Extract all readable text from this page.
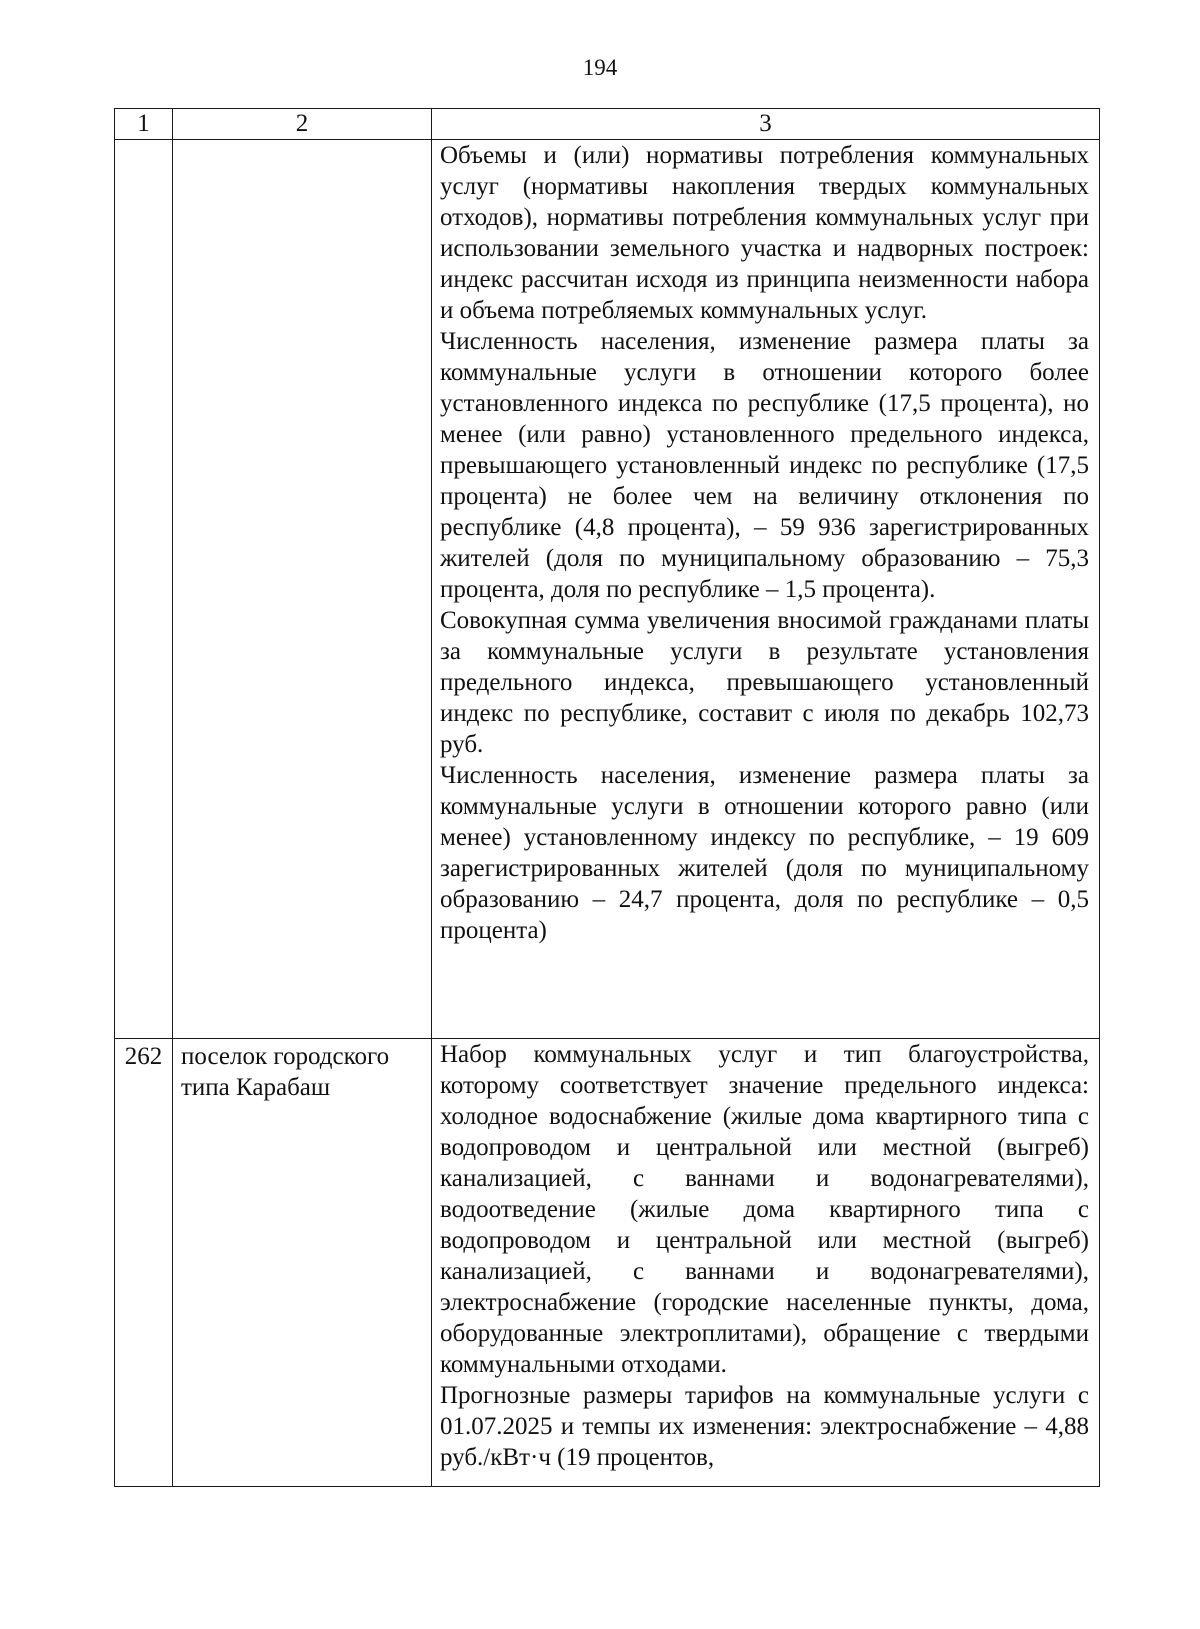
194
1	2	3

		Объемы и (или) нормативы потребления коммунальных услуг (нормативы накопления твердых коммунальных отходов), нормативы потребления коммунальных услуг при использовании земельного участка и надворных построек: индекс рассчитан исходя из принципа неизменности набора и объема потребляемых коммунальных услуг.

Численность населения, изменение размера платы за коммунальные услуги в отношении которого более установленного индекса по республике (17,5 процента), но менее (или равно) установленного предельного индекса, превышающего установленный индекс по республике (17,5 процента) не более чем на величину отклонения по республике (4,8 процента), – 59 936 зарегистрированных жителей (доля по муниципальному образованию – 75,3 процента, доля по республике – 1,5 процента).

Совокупная сумма увеличения вносимой гражданами платы за коммунальные услуги в результате установления предельного индекса, превышающего установленный индекс по республике, составит с июля по декабрь 102,73 руб.

Численность населения, изменение размера платы за коммунальные услуги в отношении которого равно (или менее) установленному индексу по республике, – 19 609 зарегистрированных жителей (доля по муниципальному образованию – 24,7 процента, доля по республике – 0,5 процента)

262	поселок городского типа Карабаш	Набор коммунальных услуг и тип благоустройства, которому соответствует значение предельного индекса: холодное водоснабжение (жилые дома квартирного типа с водопроводом и центральной или местной (выгреб) канализацией, с ваннами и водонагревателями), водоотведение (жилые дома квартирного типа с водопроводом и центральной или местной (выгреб) канализацией, с ваннами и водонагревателями), электроснабжение (городские населенные пункты, дома, оборудованные электроплитами), обращение с твердыми коммунальными отходами.

Прогнозные размеры тарифов на коммунальные услуги с 01.07.2025 и темпы их изменения: электроснабжение – 4,88 руб./кВт·ч (19 процентов,
